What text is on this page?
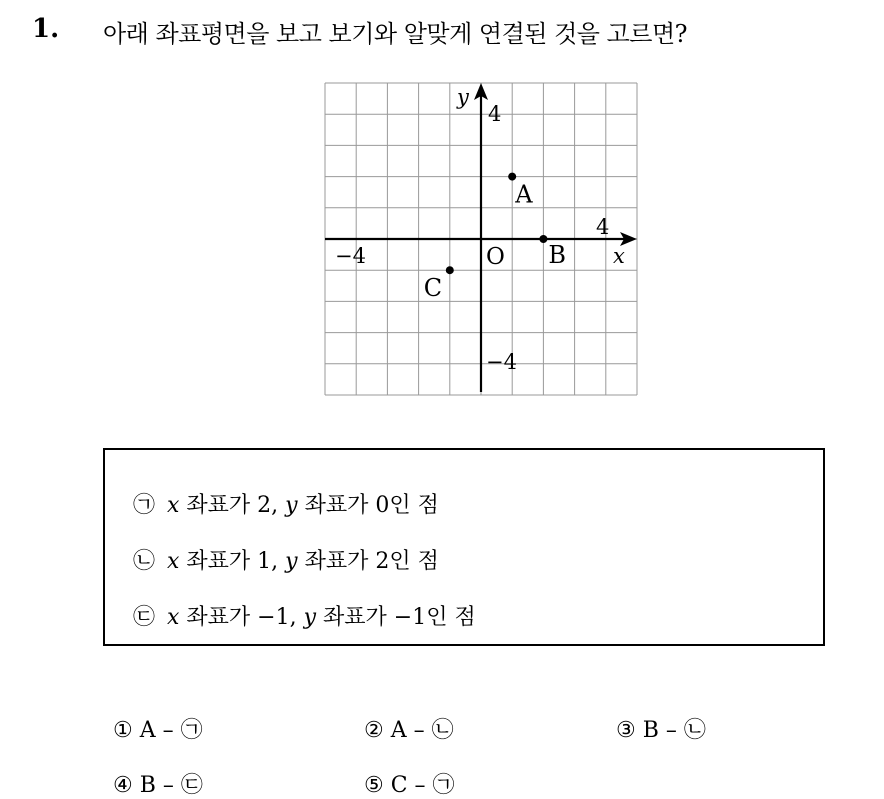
1. 아래 좌표평면을 보고 보기와 알맞게 연결된 것을 고르면?
y
x
O
4
4
−4
−4
A
B
C
㉠ x 좌표가 2, y 좌표가 0인 점
㉡ x 좌표가 1, y 좌표가 2인 점
㉢ x 좌표가 −1, y 좌표가 −1인 점
① A – ㉠	② A – ㉡	③ B – ㉡
④ B – ㉢	⑤ C – ㉠
